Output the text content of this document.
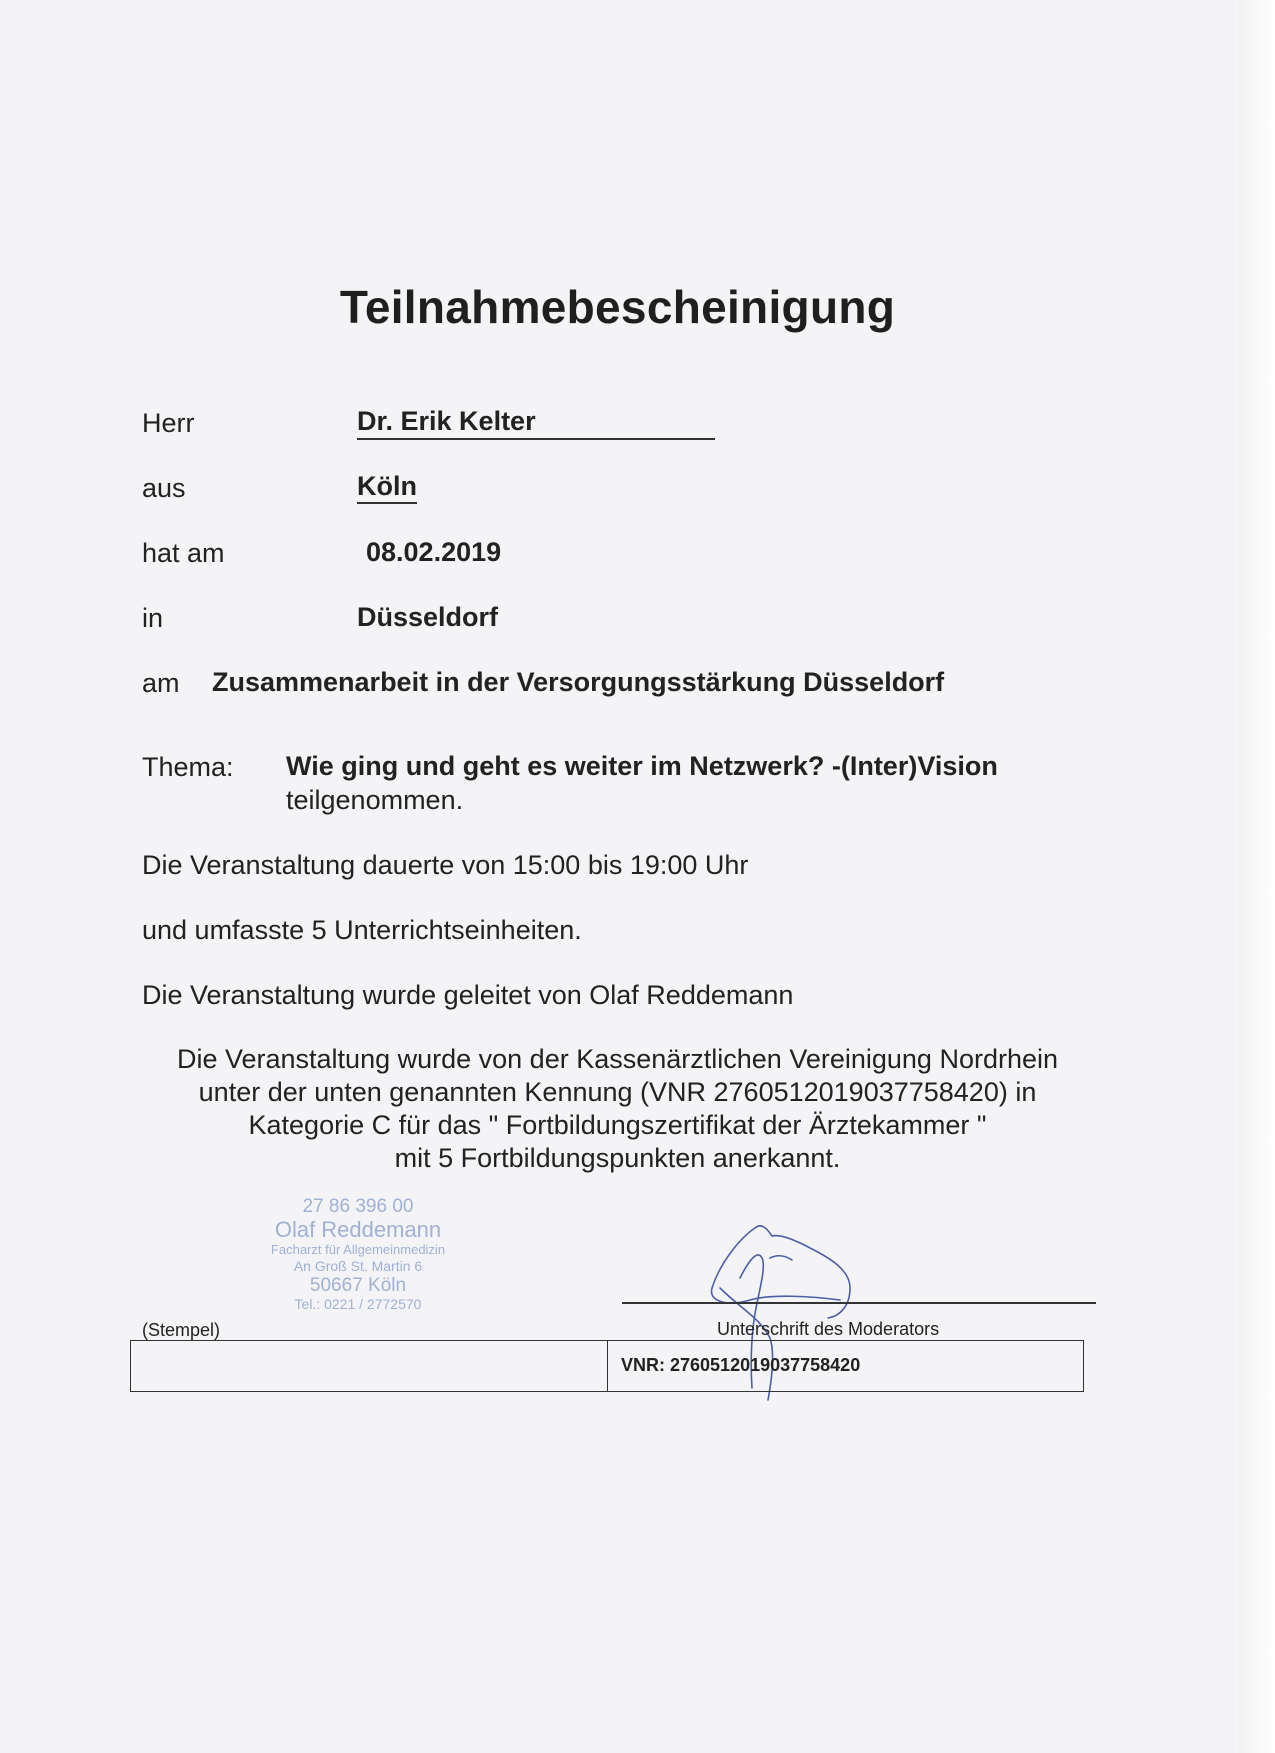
Teilnahmebescheinigung
Herr	Dr. Erik Kelter
aus	Köln
hat am	08.02.2019
in	Düsseldorf
am Zusammenarbeit in der Versorgungsstärkung Düsseldorf
Thema: Wie ging und geht es weiter im Netzwerk? -(Inter)Vision
teilgenommen.
Die Veranstaltung dauerte von 15:00 bis 19:00 Uhr
und umfasste 5 Unterrichtseinheiten.
Die Veranstaltung wurde geleitet von Olaf Reddemann
Die Veranstaltung wurde von der Kassenärztlichen Vereinigung Nordrhein
unter der unten genannten Kennung (VNR 2760512019037758420) in
Kategorie C für das " Fortbildungszertifikat der Ärztekammer "
mit 5 Fortbildungspunkten anerkannt.
27 86 396 00
Olaf Reddemann
Facharzt für Allgemeinmedizin
An Groß St. Martin 6
50667 Köln
Tel.: 0221 / 2772570
(Stempel)	Unterschrift des Moderators
VNR: 2760512019037758420
